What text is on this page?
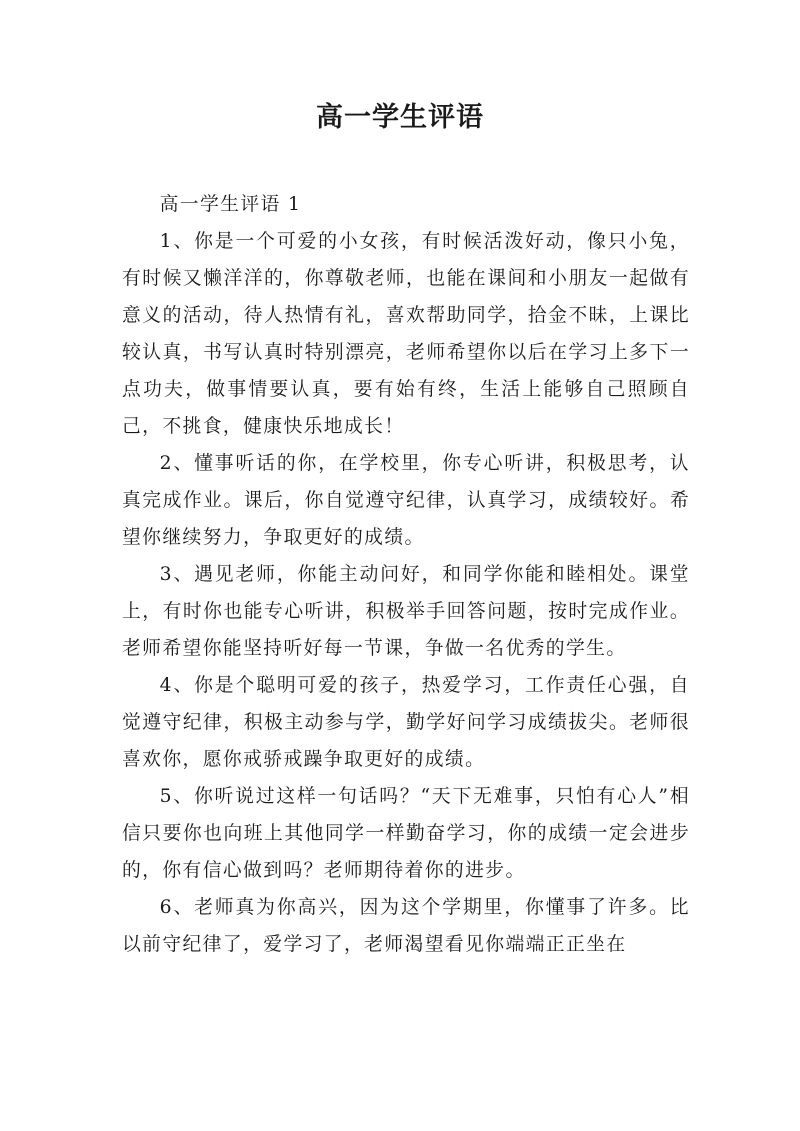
高一学生评语

高一学生评语 1

1、你是一个可爱的小女孩，有时候活泼好动，像只小兔，有时候又懒洋洋的，你尊敬老师，也能在课间和小朋友一起做有意义的活动，待人热情有礼，喜欢帮助同学，拾金不昧，上课比较认真，书写认真时特别漂亮，老师希望你以后在学习上多下一点功夫，做事情要认真，要有始有终，生活上能够自己照顾自己，不挑食，健康快乐地成长！

2、懂事听话的你，在学校里，你专心听讲，积极思考，认真完成作业。课后，你自觉遵守纪律，认真学习，成绩较好。希望你继续努力，争取更好的成绩。

3、遇见老师，你能主动问好，和同学你能和睦相处。课堂上，有时你也能专心听讲，积极举手回答问题，按时完成作业。老师希望你能坚持听好每一节课，争做一名优秀的学生。

4、你是个聪明可爱的孩子，热爱学习，工作责任心强，自觉遵守纪律，积极主动参与学，勤学好问学习成绩拔尖。老师很喜欢你，愿你戒骄戒躁争取更好的成绩。

5、你听说过这样一句话吗？“天下无难事，只怕有心人”相信只要你也向班上其他同学一样勤奋学习，你的成绩一定会进步的，你有信心做到吗？老师期待着你的进步。

6、老师真为你高兴，因为这个学期里，你懂事了许多。比以前守纪律了，爱学习了，老师渴望看见你端端正正坐在
